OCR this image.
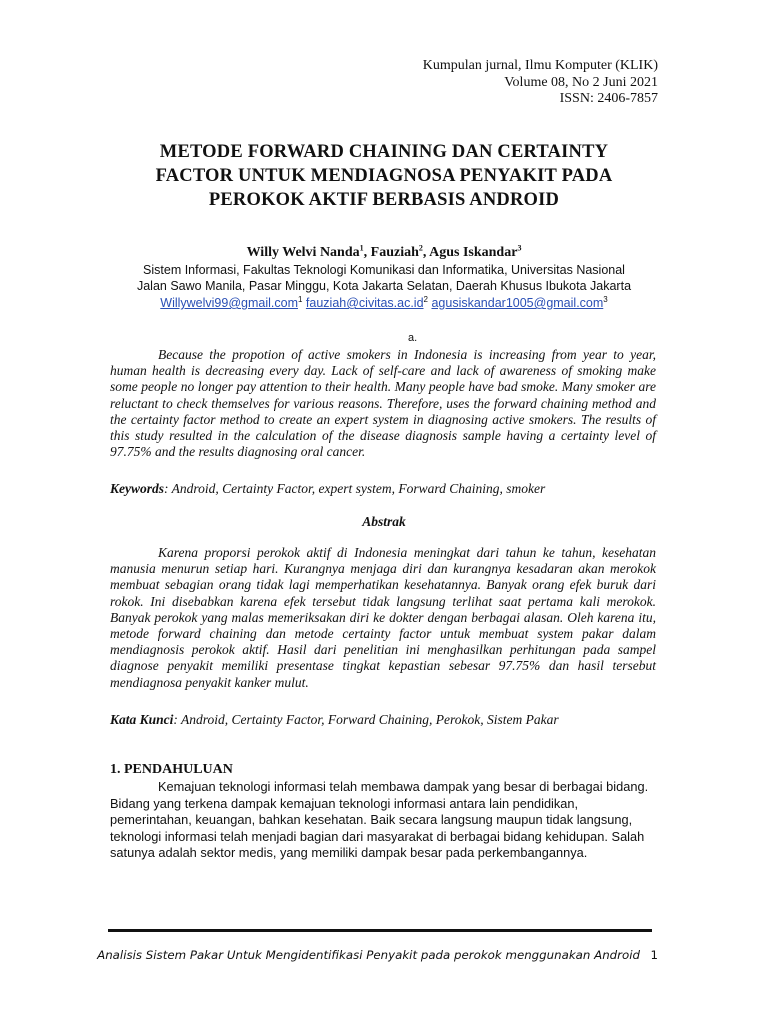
Kumpulan jurnal, Ilmu Komputer (KLIK)
Volume 08, No 2 Juni 2021
ISSN: 2406-7857
METODE FORWARD CHAINING DAN CERTAINTY
FACTOR UNTUK MENDIAGNOSA PENYAKIT PADA
PEROKOK AKTIF BERBASIS ANDROID
Willy Welvi Nanda$^1$, Fauziah$^2$, Agus Iskandar$^3$
Sistem Informasi, Fakultas Teknologi Komunikasi dan Informatika, Universitas Nasional
Jalan Sawo Manila, Pasar Minggu, Kota Jakarta Selatan, Daerah Khusus Ibukota Jakarta
Willywelvi99@gmail.com$^1$ $fauziah@civitas.ac.id^2$ agusiskandar1005@gmail.com$^3$
a.

Because the propotion of active smokers in Indonesia is increasing from year to year, human health is decreasing every day. Lack of self-care and lack of awareness of smoking make some people no longer pay attention to their health. Many people have bad smoke. Many smoker are reluctant to check themselves for various reasons. Therefore, uses the forward chaining method and the certainty factor method to create an expert system in diagnosing active smokers. The results of this study resulted in the calculation of the disease diagnosis sample having a certainty level of 97.75% and the results diagnosing oral cancer.

Keywords: Android, Certainty Factor, expert system, Forward Chaining, smoker
Abstrak

Karena proporsi perokok aktif di Indonesia meningkat dari tahun ke tahun, kesehatan manusia menurun setiap hari. Kurangnya menjaga diri dan kurangnya kesadaran akan merokok membuat sebagian orang tidak lagi memperhatikan kesehatannya. Banyak orang efek buruk dari rokok. Ini disebabkan karena efek tersebut tidak langsung terlihat saat pertama kali merokok. Banyak perokok yang malas memeriksakan diri ke dokter dengan berbagai alasan. Oleh karena itu, metode forward chaining dan metode certainty factor untuk membuat system pakar dalam mendiagnosis perokok aktif. Hasil dari penelitian ini menghasilkan perhitungan pada sampel diagnose penyakit memiliki presentase tingkat kepastian sebesar 97.75% dan hasil tersebut mendiagnosa penyakit kanker mulut.

Kata Kunci: Android, Certainty Factor, Forward Chaining, Perokok, Sistem Pakar
1. PENDAHULUAN

Kemajuan teknologi informasi telah membawa dampak yang besar di berbagai bidang.
Bidang yang terkena dampak kemajuan teknologi informasi antara lain pendidikan,
pemerintahan, keuangan, bahkan kesehatan. Baik secara langsung maupun tidak langsung,
teknologi informasi telah menjadi bagian dari masyarakat di berbagai bidang kehidupan. Salah
satunya adalah sektor medis, yang memiliki dampak besar pada perkembangannya.

Analisis Sistem Pakar Untuk Mengidentifikasi Penyakit pada perokok menggunakan Android 1
